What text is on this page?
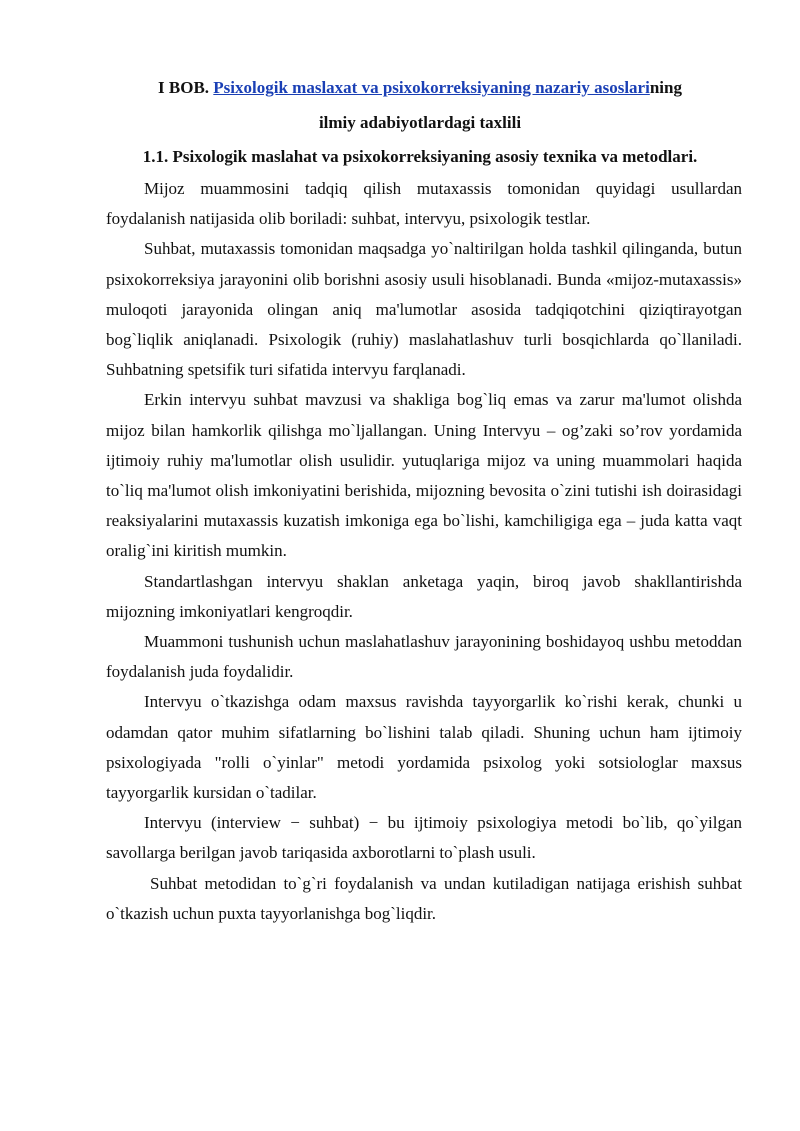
I BOB. Psixologik maslaxat va psixokorreksiyaning nazariy asoslarining
ilmiy adabiyotlardagi taxlili
1.1. Psixologik maslahat va psixokorreksiyaning asosiy texnika va metodlari.

Mijoz muammosini tadqiq qilish mutaxassis tomonidan quyidagi usullardan foydalanish natijasida olib boriladi: suhbat, intervyu, psixologik testlar.

Suhbat, mutaxassis tomonidan maqsadga yo`naltirilgan holda tashkil qilinganda, butun psixokorreksiya jarayonini olib borishni asosiy usuli hisoblanadi. Bunda «mijoz-mutaxassis» muloqoti jarayonida olingan aniq ma'lumotlar asosida tadqiqotchini qiziqtirayotgan bog`liqlik aniqlanadi. Psixologik (ruhiy) maslahatlashuv turli bosqichlarda qo`llaniladi. Suhbatning spetsifik turi sifatida intervyu farqlanadi.

Erkin intervyu suhbat mavzusi va shakliga bog`liq emas va zarur ma'lumot olishda mijoz bilan hamkorlik qilishga mo`ljallangan. Uning Intervyu – og’zaki so’rov yordamida ijtimoiy ruhiy ma'lumotlar olish usulidir. yutuqlariga mijoz va uning muammolari haqida to`liq ma'lumot olish imkoniyatini berishida, mijozning bevosita o`zini tutishi ish doirasidagi reaksiyalarini mutaxassis kuzatish imkoniga ega bo`lishi, kamchiligiga ega – juda katta vaqt oralig`ini kiritish mumkin.

Standartlashgan intervyu shaklan anketaga yaqin, biroq javob shakllantirishda mijozning imkoniyatlari kengroqdir.

Muammoni tushunish uchun maslahatlashuv jarayonining boshidayoq ushbu metoddan foydalanish juda foydalidir.

Intervyu o`tkazishga odam maxsus ravishda tayyorgarlik ko`rishi kerak, chunki u odamdan qator muhim sifatlarning bo`lishini talab qiladi. Shuning uchun ham ijtimoiy psixologiyada "rolli o`yinlar" metodi yordamida psixolog yoki sotsiologlar maxsus tayyorgarlik kursidan o`tadilar.

Intervyu (interview − suhbat) − bu ijtimoiy psixologiya metodi bo`lib, qo`yilgan savollarga berilgan javob tariqasida axborotlarni to`plash usuli.

Suhbat metodidan to`g`ri foydalanish va undan kutiladigan natijaga erishish suhbat o`tkazish uchun puxta tayyorlanishga bog`liqdir.
